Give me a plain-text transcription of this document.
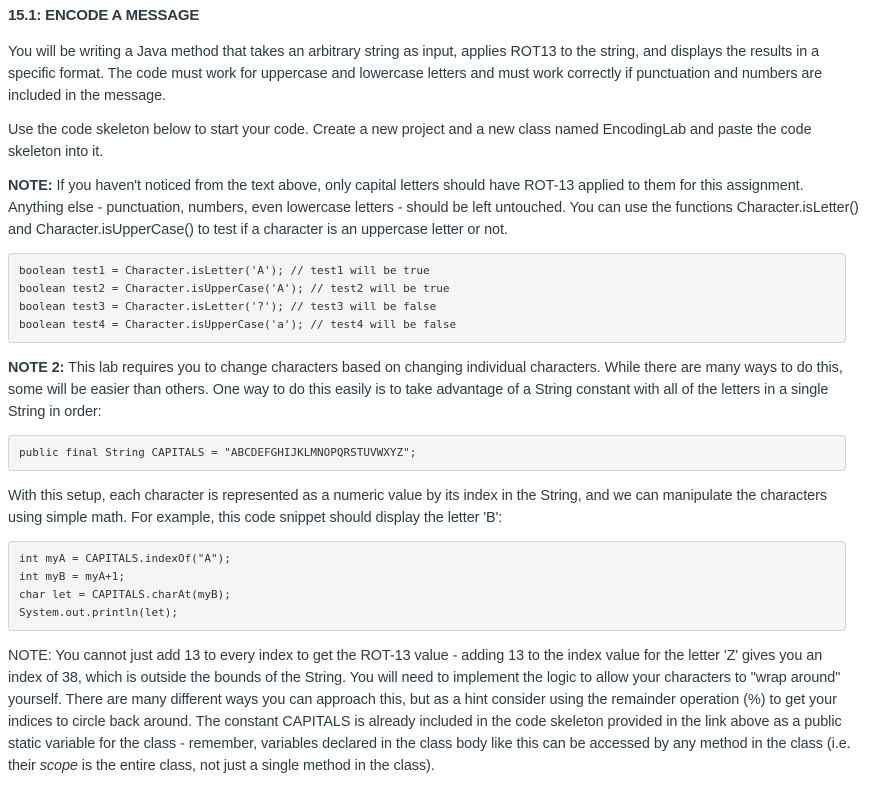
15.1: ENCODE A MESSAGE

You will be writing a Java method that takes an arbitrary string as input, applies ROT13 to the string, and displays the results in a specific format. The code must work for uppercase and lowercase letters and must work correctly if punctuation and numbers are included in the message.

Use the code skeleton below to start your code. Create a new project and a new class named EncodingLab and paste the code skeleton into it.

NOTE: If you haven't noticed from the text above, only capital letters should have ROT-13 applied to them for this assignment. Anything else - punctuation, numbers, even lowercase letters - should be left untouched. You can use the functions Character.isLetter() and Character.isUpperCase() to test if a character is an uppercase letter or not.

boolean test1 = Character.isLetter('A'); // test1 will be true
boolean test2 = Character.isUpperCase('A'); // test2 will be true
boolean test3 = Character.isLetter('?'); // test3 will be false
boolean test4 = Character.isUpperCase('a'); // test4 will be false

NOTE 2: This lab requires you to change characters based on changing individual characters. While there are many ways to do this, some will be easier than others. One way to do this easily is to take advantage of a String constant with all of the letters in a single String in order:

public final String CAPITALS = "ABCDEFGHIJKLMNOPQRSTUVWXYZ";

With this setup, each character is represented as a numeric value by its index in the String, and we can manipulate the characters using simple math. For example, this code snippet should display the letter 'B':

int myA = CAPITALS.indexOf("A");
int myB = myA+1;
char let = CAPITALS.charAt(myB);
System.out.println(let);

NOTE: You cannot just add 13 to every index to get the ROT-13 value - adding 13 to the index value for the letter 'Z' gives you an index of 38, which is outside the bounds of the String. You will need to implement the logic to allow your characters to "wrap around" yourself. There are many different ways you can approach this, but as a hint consider using the remainder operation (%) to get your indices to circle back around. The constant CAPITALS is already included in the code skeleton provided in the link above as a public static variable for the class - remember, variables declared in the class body like this can be accessed by any method in the class (i.e. their scope is the entire class, not just a single method in the class).
